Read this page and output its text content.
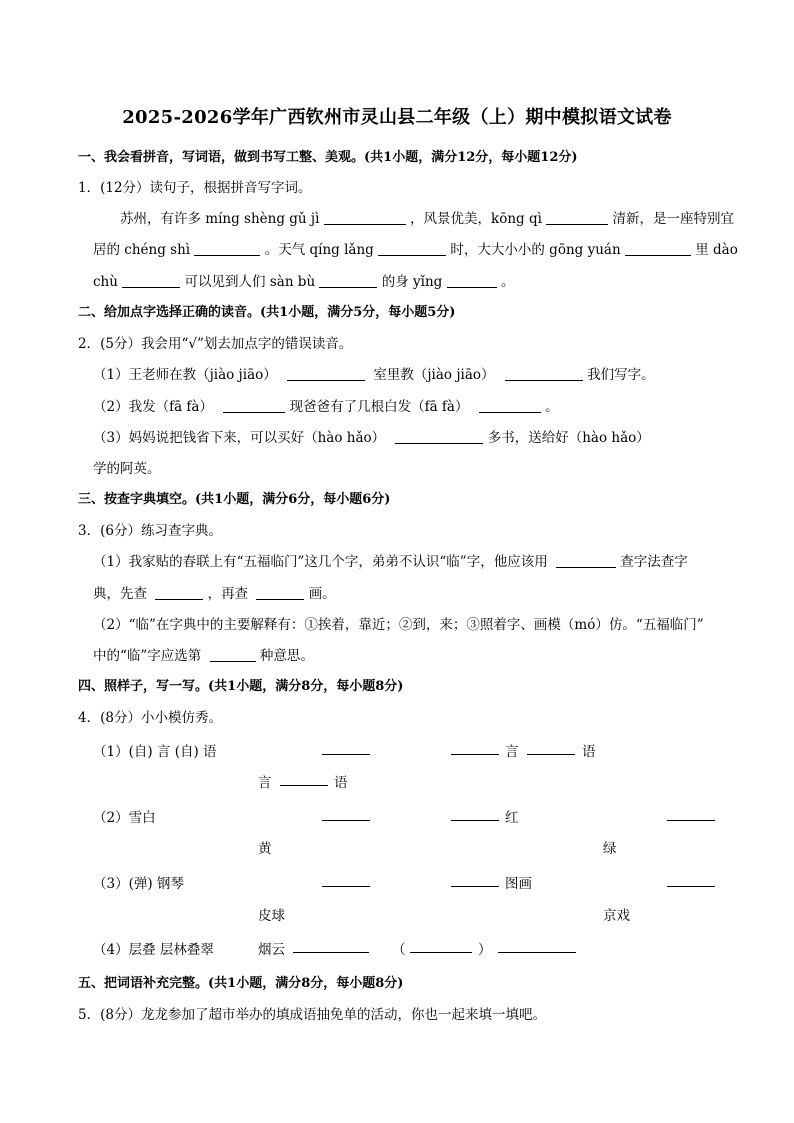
2025-2026学年广西钦州市灵山县二年级（上）期中模拟语文试卷
一、我会看拼音，写词语，做到书写工整、美观。(共1小题，满分12分，每小题12分)
1．(12分）读句子，根据拼音写字词。
苏州，有许多 míng shèng gǔ jì	，风景优美，kōng qì	清新，是一座特别宜
居的 chéng shì	。天气 qíng lǎng	时，大大小小的 gōng yuán	里 dào
chù	可以见到人们 sàn bù	的身 yǐng	。
二、给加点字选择正确的读音。(共1小题，满分5分，每小题5分)
2．(5分）我会用“√”划去加点字的错误读音。
（1）王老师在教（jiào jiāo）	室里教（jiào jiāo）	我们写字。
（2）我发（fā fà）	现爸爸有了几根白发（fā fà）	。
（3）妈妈说把钱省下来，可以买好（hào hǎo）	多书，送给好（hào hǎo）
学的阿英。
三、按查字典填空。(共1小题，满分6分，每小题6分)
3．(6分）练习查字典。
（1）我家贴的春联上有“五福临门”这几个字，弟弟不认识“临”字，他应该用	查字法查字
典，先查	，再查	画。
（2）“临”在字典中的主要解释有：①挨着，靠近；②到，来；③照着字、画模（mó）仿。“五福临门”
中的“临”字应选第	种意思。
四、照样子，写一写。(共1小题，满分8分，每小题8分)
4．(8分）小小模仿秀。
（1）(自) 言 (自) 语	言	语
言	语
（2）雪白	红
黄	绿
（3）(弹) 钢琴	图画
皮球	京戏
（4）层叠 层林叠翠	烟云	（	）
五、把词语补充完整。(共1小题，满分8分，每小题8分)
5．(8分）龙龙参加了超市举办的填成语抽免单的活动，你也一起来填一填吧。
